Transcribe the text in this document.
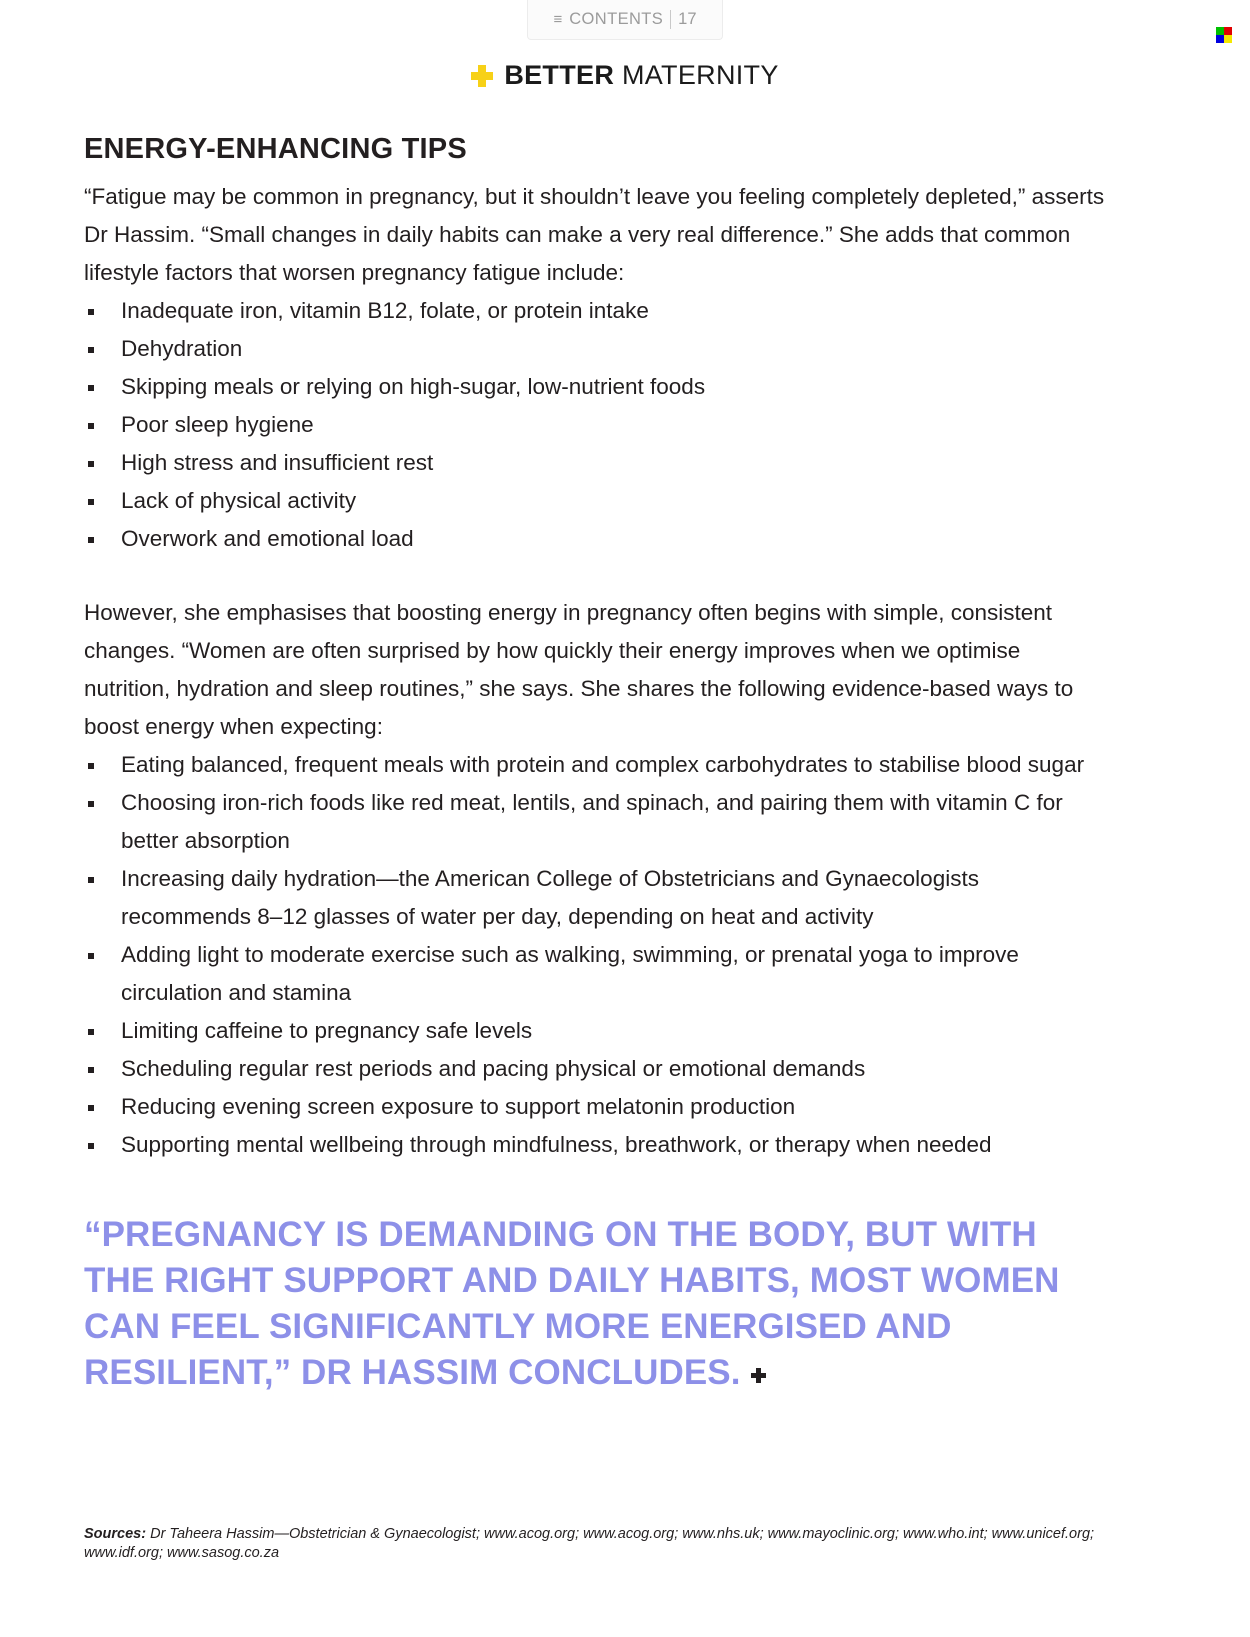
≡ CONTENTS 17
BETTER MATERNITY
ENERGY-ENHANCING TIPS

“Fatigue may be common in pregnancy, but it shouldn’t leave you feeling completely depleted,” asserts Dr Hassim. “Small changes in daily habits can make a very real difference.” She adds that common lifestyle factors that worsen pregnancy fatigue include:

Inadequate iron, vitamin B12, folate, or protein intake
Dehydration
Skipping meals or relying on high-sugar, low-nutrient foods
Poor sleep hygiene
High stress and insufficient rest
Lack of physical activity
Overwork and emotional load

However, she emphasises that boosting energy in pregnancy often begins with simple, consistent changes. “Women are often surprised by how quickly their energy improves when we optimise nutrition, hydration and sleep routines,” she says. She shares the following evidence-based ways to boost energy when expecting:

Eating balanced, frequent meals with protein and complex carbohydrates to stabilise blood sugar
Choosing iron-rich foods like red meat, lentils, and spinach, and pairing them with vitamin C for better absorption
Increasing daily hydration—the American College of Obstetricians and Gynaecologists recommends 8–12 glasses of water per day, depending on heat and activity
Adding light to moderate exercise such as walking, swimming, or prenatal yoga to improve circulation and stamina
Limiting caffeine to pregnancy safe levels
Scheduling regular rest periods and pacing physical or emotional demands
Reducing evening screen exposure to support melatonin production
Supporting mental wellbeing through mindfulness, breathwork, or therapy when needed
“PREGNANCY IS DEMANDING ON THE BODY, BUT WITH THE RIGHT SUPPORT AND DAILY HABITS, MOST WOMEN CAN FEEL SIGNIFICANTLY MORE ENERGISED AND RESILIENT,” DR HASSIM CONCLUDES.
Sources: Dr Taheera Hassim—Obstetrician & Gynaecologist; www.acog.org; www.acog.org; www.nhs.uk; www.mayoclinic.org; www.who.int; www.unicef.org; www.idf.org; www.sasog.co.za
